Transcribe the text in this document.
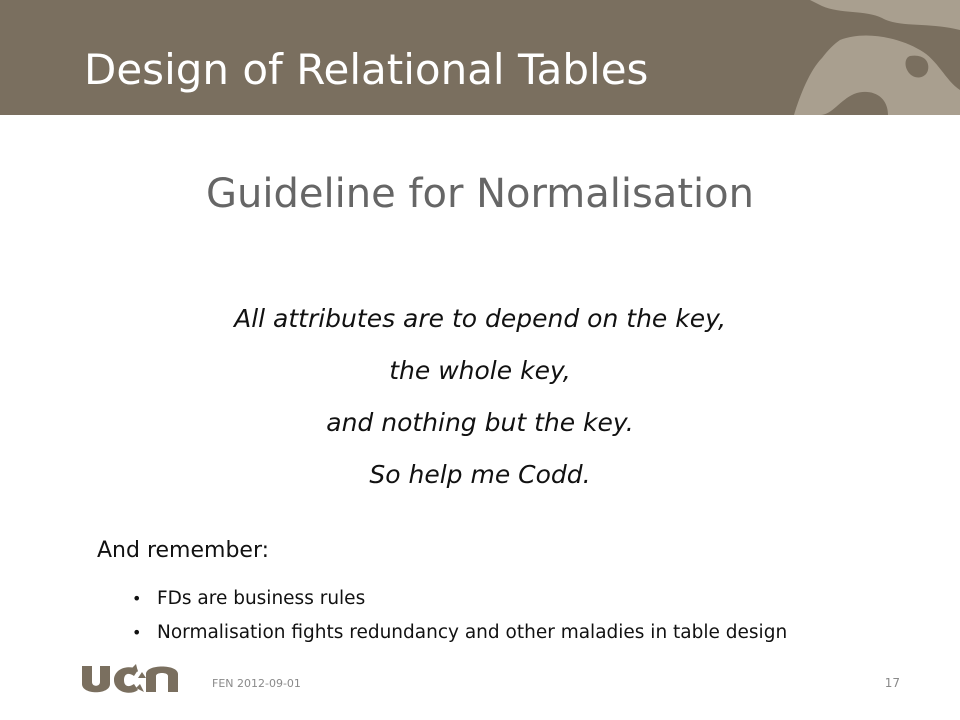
Design of Relational Tables
Guideline for Normalisation
All attributes are to depend on the key,
the whole key,
and nothing but the key.
So help me Codd.
And remember:
• FDs are business rules
• Normalisation fights redundancy and other maladies in table design
FEN 2012-09-01	17
